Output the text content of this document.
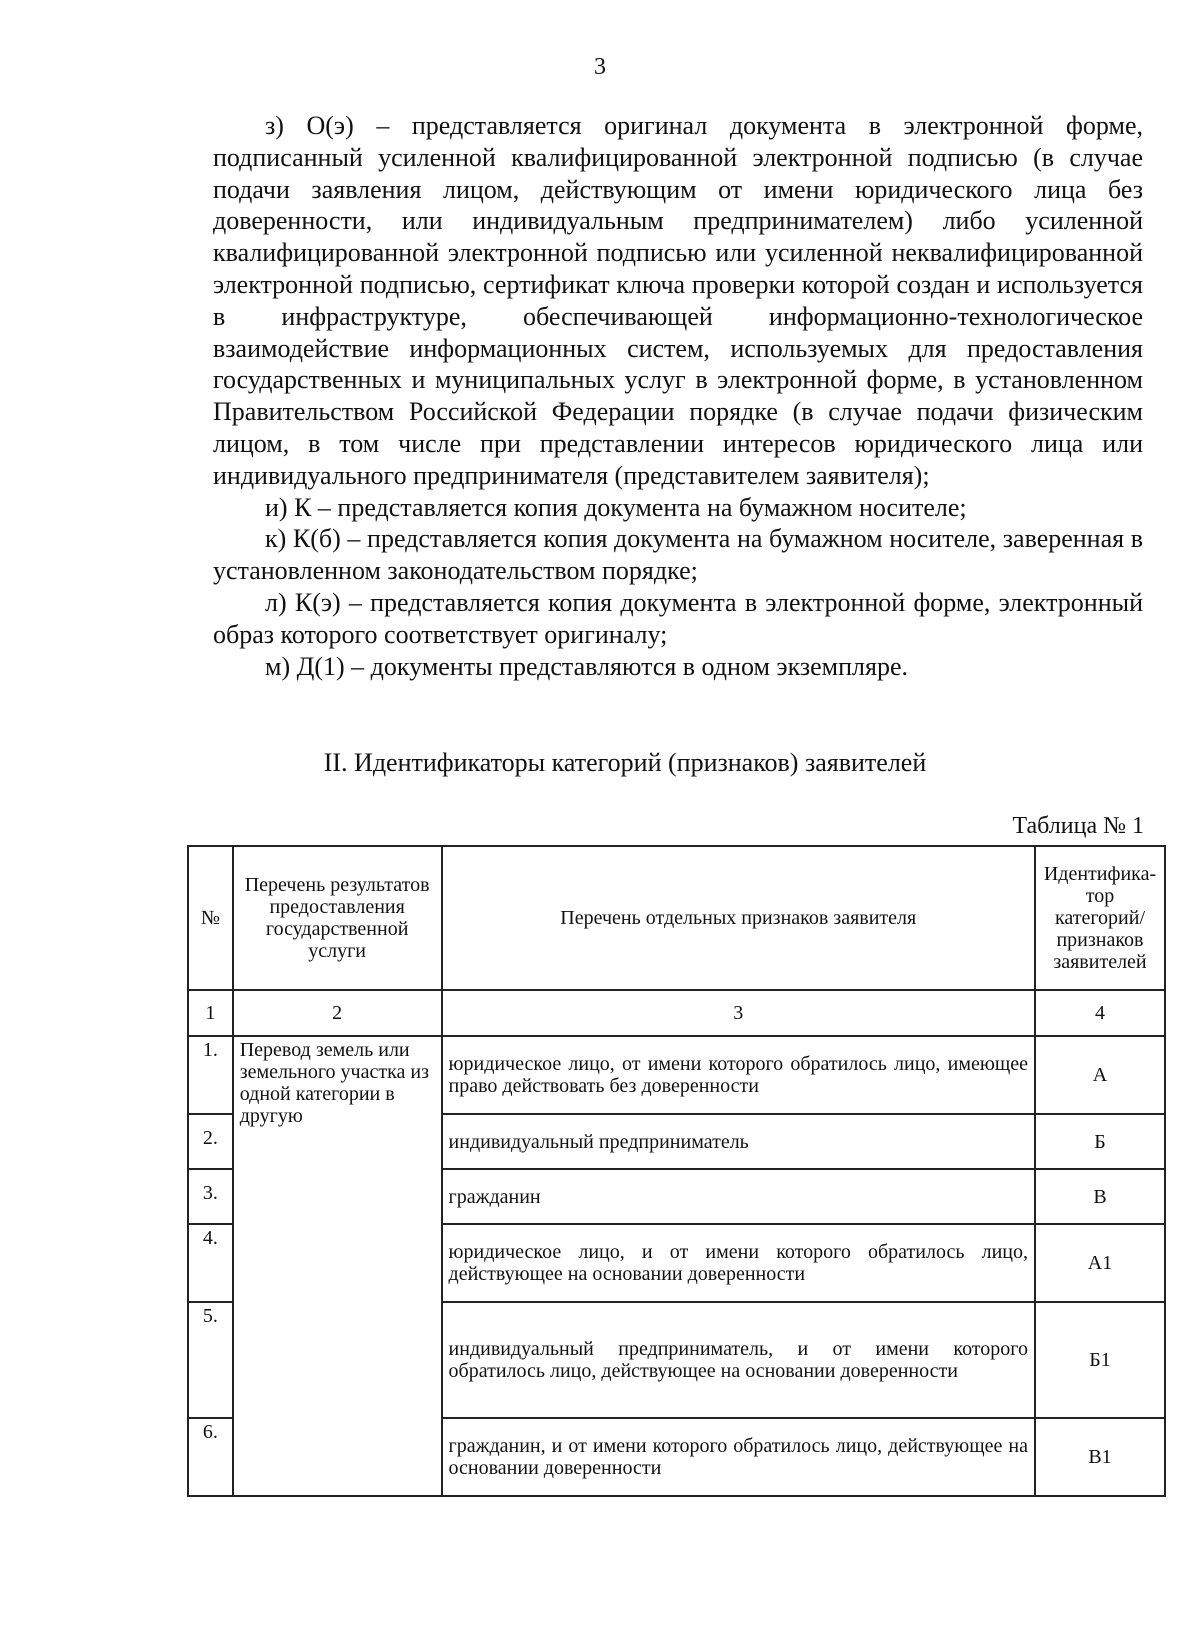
3

з) О(э) – представляется оригинал документа в электронной форме, подписанный усиленной квалифицированной электронной подписью (в случае подачи заявления лицом, действующим от имени юридического лица без доверенности, или индивидуальным предпринимателем) либо усиленной квалифицированной электронной подписью или усиленной неквалифицированной электронной подписью, сертификат ключа проверки которой создан и используется в инфраструктуре, обеспечивающей информационно-технологическое взаимодействие информационных систем, используемых для предоставления государственных и муниципальных услуг в электронной форме, в установленном Правительством Российской Федерации порядке (в случае подачи физическим лицом, в том числе при представлении интересов юридического лица или индивидуального предпринимателя (представителем заявителя);

и) К – представляется копия документа на бумажном носителе;

к) К(б) – представляется копия документа на бумажном носителе, заверенная в установленном законодательством порядке;

л) К(э) – представляется копия документа в электронной форме, электронный образ которого соответствует оригиналу;

м) Д(1) – документы представляются в одном экземпляре.

II. Идентификаторы категорий (признаков) заявителей
Таблица № 1
№	Перечень результатов предоставления государственной услуги	Перечень отдельных признаков заявителя	Идентифика-тор категорий/ признаков заявителей
1	2	3	4
1.	Перевод земель или земельного участка из одной категории в другую	юридическое лицо, от имени которого обратилось лицо, имеющее право действовать без доверенности	А
2.		индивидуальный предприниматель	Б
3.		гражданин	В
4.		юридическое лицо, и от имени которого обратилось лицо, действующее на основании доверенности	А1
5.		индивидуальный предприниматель, и от имени которого обратилось лицо, действующее на основании доверенности	Б1
6.		гражданин, и от имени которого обратилось лицо, действующее на основании доверенности	В1
